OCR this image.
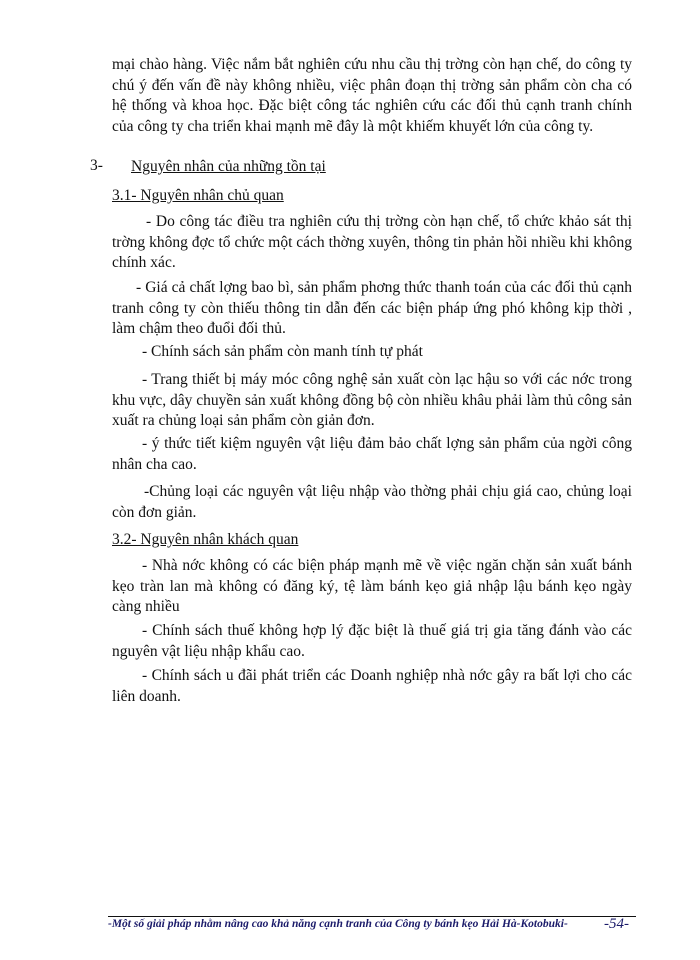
mại chào hàng. Việc nắm bắt nghiên cứu nhu cầu thị trờng còn hạn chế, do công ty chú ý đến vấn đề này không nhiều, việc phân đoạn thị trờng sản phẩm còn cha có hệ thống và khoa học. Đặc biệt công tác nghiên cứu các đối thủ cạnh tranh chính của công ty cha triển khai mạnh mẽ đây là một khiếm khuyết lớn của công ty.

3- Nguyên nhân của những tồn tại

3.1- Nguyên nhân chủ quan

- Do công tác điều tra nghiên cứu thị trờng còn hạn chế, tổ chức khảo sát thị trờng không đợc tổ chức một cách thờng xuyên, thông tin phản hồi nhiều khi không chính xác.

- Giá cả chất lợng bao bì, sản phẩm phơng thức thanh toán của các đối thủ cạnh tranh công ty còn thiếu thông tin dẫn đến các biện pháp ứng phó không kịp thời , làm chậm theo đuổi đối thủ.

- Chính sách sản phẩm còn manh tính tự phát

- Trang thiết bị máy móc công nghệ sản xuất còn lạc hậu so với các nớc trong khu vực, dây chuyền sản xuất không đồng bộ còn nhiều khâu phải làm thủ công sản xuất ra chủng loại sản phẩm còn giản đơn.

- ý thức tiết kiệm nguyên vật liệu đảm bảo chất lợng sản phẩm của ngời công nhân cha cao.

-Chủng loại các nguyên vật liệu nhập vào thờng phải chịu giá cao, chủng loại còn đơn giản.

3.2- Nguyên nhân khách quan

- Nhà nớc không có các biện pháp mạnh mẽ về việc ngăn chặn sản xuất bánh kẹo tràn lan mà không có đăng ký, tệ làm bánh kẹo giả nhập lậu bánh kẹo ngày càng nhiều

- Chính sách thuế không hợp lý đặc biệt là thuế giá trị gia tăng đánh vào các nguyên vật liệu nhập khẩu cao.

- Chính sách u đãi phát triển các Doanh nghiệp nhà nớc gây ra bất lợi cho các liên doanh.

-Một số giải pháp nhằm nâng cao khả năng cạnh tranh của Công ty bánh kẹo Hải Hà-Kotobuki- -54-
